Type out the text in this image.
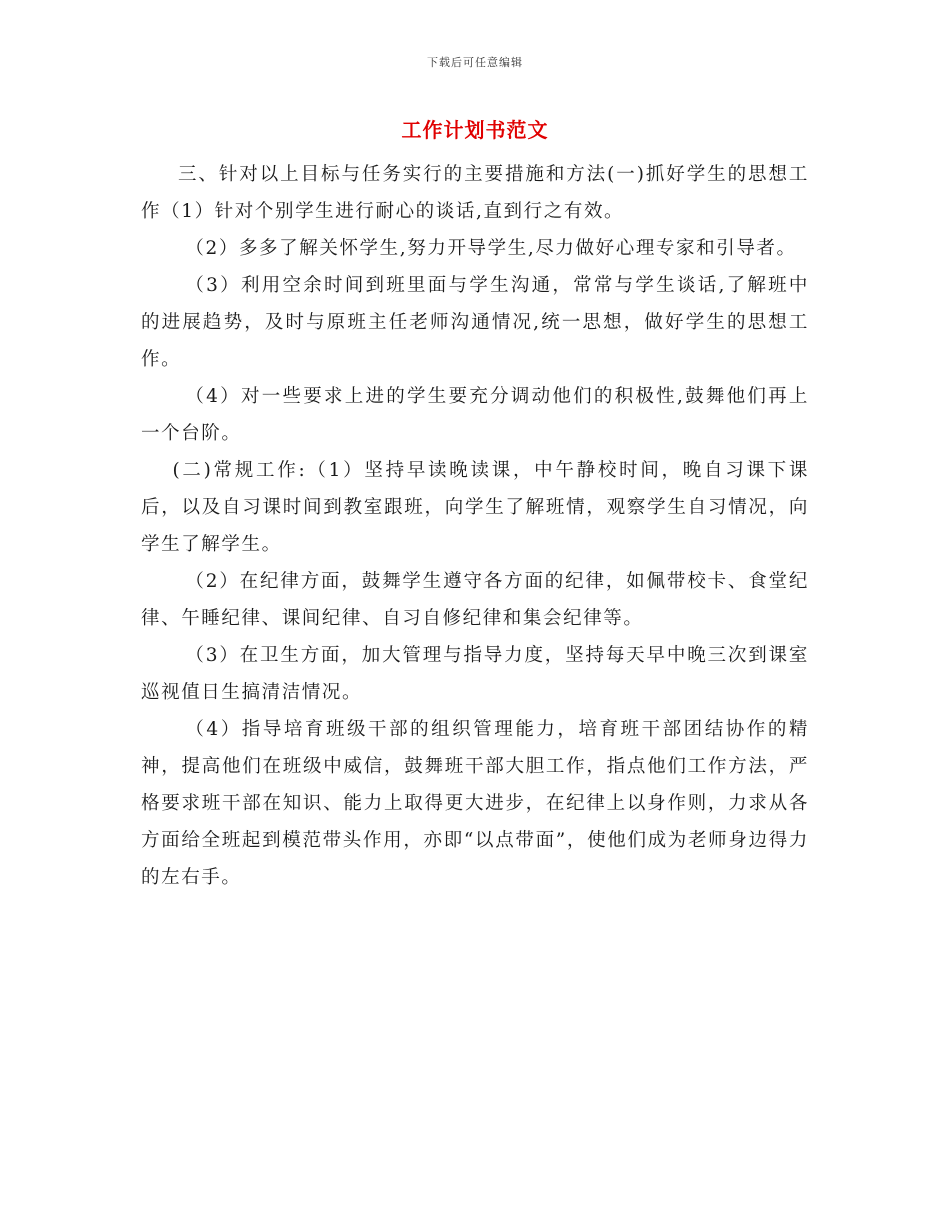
下载后可任意编辑
工作计划书范文

三、针对以上目标与任务实行的主要措施和方法(一)抓好学生的思想工作（1）针对个别学生进行耐心的谈话,直到行之有效。

（2）多多了解关怀学生,努力开导学生,尽力做好心理专家和引导者。

（3）利用空余时间到班里面与学生沟通，常常与学生谈话,了解班中的进展趋势，及时与原班主任老师沟通情况,统一思想，做好学生的思想工作。

（4）对一些要求上进的学生要充分调动他们的积极性,鼓舞他们再上一个台阶。

(二)常规工作:（1）坚持早读晚读课，中午静校时间，晚自习课下课后，以及自习课时间到教室跟班，向学生了解班情，观察学生自习情况，向学生了解学生。

（2）在纪律方面，鼓舞学生遵守各方面的纪律，如佩带校卡、食堂纪律、午睡纪律、课间纪律、自习自修纪律和集会纪律等。

（3）在卫生方面，加大管理与指导力度，坚持每天早中晚三次到课室巡视值日生搞清洁情况。

（4）指导培育班级干部的组织管理能力，培育班干部团结协作的精神，提高他们在班级中威信，鼓舞班干部大胆工作，指点他们工作方法，严格要求班干部在知识、能力上取得更大进步，在纪律上以身作则，力求从各方面给全班起到模范带头作用，亦即“以点带面”，使他们成为老师身边得力的左右手。
